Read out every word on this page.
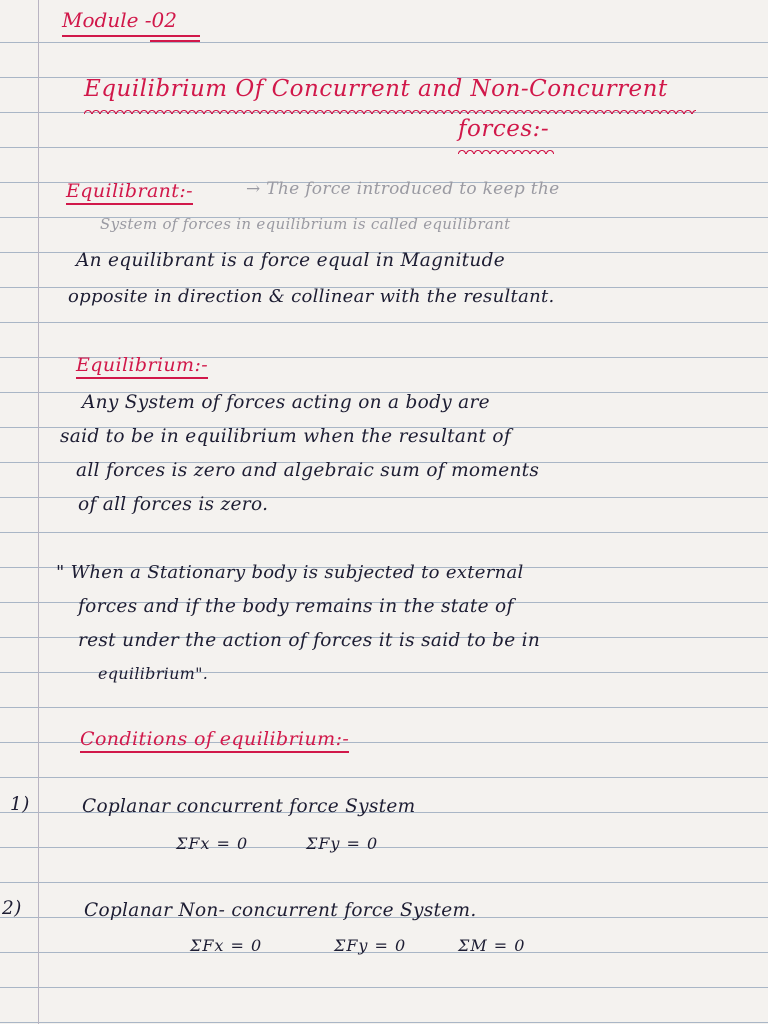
Module -02
Equilibrium Of Concurrent and Non-Concurrent
forces:-
Equilibrant:-	→ The force introduced to keep the
System of forces in equilibrium is called equilibrant
An equilibrant is a force equal in Magnitude
opposite in direction & collinear with the resultant.
Equilibrium:-
Any System of forces acting on a body are
said to be in equilibrium when the resultant of
all forces is zero and algebraic sum of moments
of all forces is zero.
" When a Stationary body is subjected to external
forces and if the body remains in the state of
rest under the action of forces it is said to be in
equilibrium".
Conditions of equilibrium:-
1)	Coplanar concurrent force System
ΣFx = 0	ΣFy = 0
2)	Coplanar Non- concurrent force System.
ΣFx = 0	ΣFy = 0	ΣM = 0
